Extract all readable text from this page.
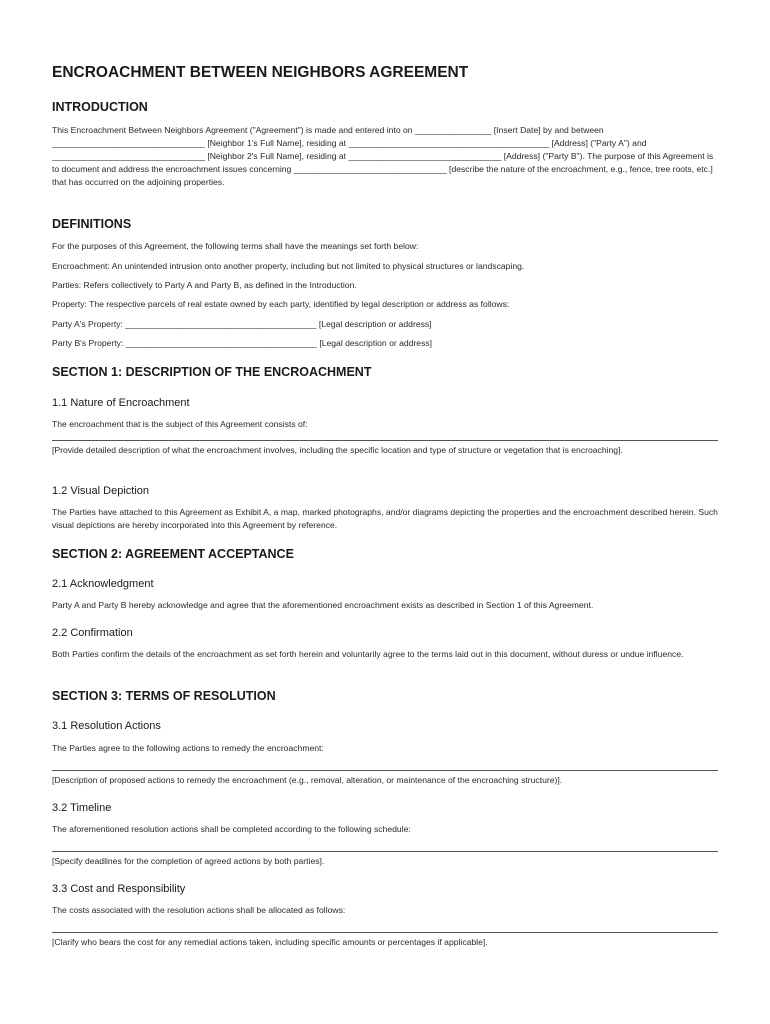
ENCROACHMENT BETWEEN NEIGHBORS AGREEMENT
INTRODUCTION
This Encroachment Between Neighbors Agreement ("Agreement") is made and entered into on ________________ [Insert Date] by and between ________________________________ [Neighbor 1's Full Name], residing at __________________________________________ [Address] ("Party A") and ________________________________ [Neighbor 2's Full Name], residing at ________________________________ [Address] ("Party B"). The purpose of this Agreement is to document and address the encroachment issues concerning ________________________________ [describe the nature of the encroachment, e.g., fence, tree roots, etc.] that has occurred on the adjoining properties.
DEFINITIONS
For the purposes of this Agreement, the following terms shall have the meanings set forth below:
Encroachment: An unintended intrusion onto another property, including but not limited to physical structures or landscaping.
Parties: Refers collectively to Party A and Party B, as defined in the Introduction.
Property: The respective parcels of real estate owned by each party, identified by legal description or address as follows:
Party A's Property: ________________________________________ [Legal description or address]
Party B's Property: ________________________________________ [Legal description or address]
SECTION 1: DESCRIPTION OF THE ENCROACHMENT
1.1 Nature of Encroachment
The encroachment that is the subject of this Agreement consists of:
[Provide detailed description of what the encroachment involves, including the specific location and type of structure or vegetation that is encroaching].
1.2 Visual Depiction
The Parties have attached to this Agreement as Exhibit A, a map, marked photographs, and/or diagrams depicting the properties and the encroachment described herein. Such visual depictions are hereby incorporated into this Agreement by reference.
SECTION 2: AGREEMENT ACCEPTANCE
2.1 Acknowledgment
Party A and Party B hereby acknowledge and agree that the aforementioned encroachment exists as described in Section 1 of this Agreement.
2.2 Confirmation
Both Parties confirm the details of the encroachment as set forth herein and voluntarily agree to the terms laid out in this document, without duress or undue influence.
SECTION 3: TERMS OF RESOLUTION
3.1 Resolution Actions
The Parties agree to the following actions to remedy the encroachment:
[Description of proposed actions to remedy the encroachment (e.g., removal, alteration, or maintenance of the encroaching structure)].
3.2 Timeline
The aforementioned resolution actions shall be completed according to the following schedule:
[Specify deadlines for the completion of agreed actions by both parties].
3.3 Cost and Responsibility
The costs associated with the resolution actions shall be allocated as follows:
[Clarify who bears the cost for any remedial actions taken, including specific amounts or percentages if applicable].
